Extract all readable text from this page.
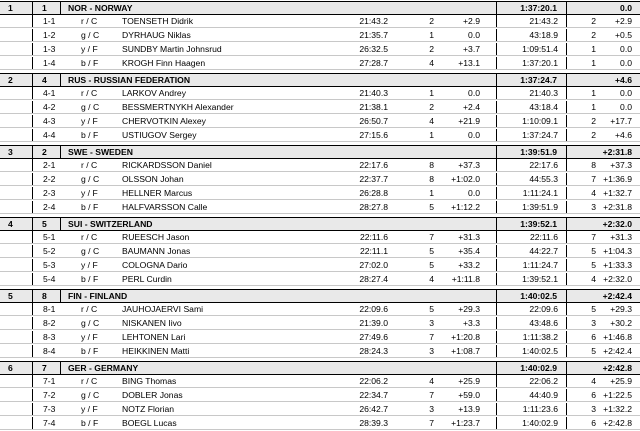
1	1 NOR - NORWAY	1:37:20.1	0.0
1-1	r / C	TOENSETH Didrik	21:43.2	2	+2.9	21:43.2	2 +2.9
1-2	g / C	DYRHAUG Niklas	21:35.7	1	0.0	43:18.9	2 +0.5
1-3	y / F	SUNDBY Martin Johnsrud	26:32.5	2	+3.7	1:09:51.4	1	0.0
1-4	b / F	KROGH Finn Haagen	27:28.7	4	+13.1	1:37:20.1	1	0.0
2	4 RUS - RUSSIAN FEDERATION	1:37:24.7	+4.6
4-1	r / C	LARKOV Andrey	21:40.3	1	0.0	21:40.3	1	0.0
4-2	g / C	BESSMERTNYKH Alexander	21:38.1	2	+2.4	43:18.4	1	0.0
4-3	y / F	CHERVOTKIN Alexey	26:50.7	4	+21.9	1:10:09.1	2 +17.7
4-4	b / F	USTIUGOV Sergey	27:15.6	1	0.0	1:37:24.7	2 +4.6
3	2 SWE - SWEDEN	1:39:51.9	+2:31.8
2-1	r / C	RICKARDSSON Daniel	22:17.6	8	+37.3	22:17.6	8 +37.3
2-2	g / C	OLSSON Johan	22:37.7	8 +1:02.0	44:55.3	7 +1:36.9
2-3	y / F	HELLNER Marcus	26:28.8	1	0.0	1:11:24.1	4 +1:32.7
2-4	b / F	HALFVARSSON Calle	28:27.8	5 +1:12.2	1:39:51.9	3 +2:31.8
4	5 SUI - SWITZERLAND	1:39:52.1	+2:32.0
5-1	r / C	RUEESCH Jason	22:11.6	7	+31.3	22:11.6	7 +31.3
5-2	g / C	BAUMANN Jonas	22:11.1	5	+35.4	44:22.7	5 +1:04.3
5-3	y / F	COLOGNA Dario	27:02.0	5	+33.2	1:11:24.7	5 +1:33.3
5-4	b / F	PERL Curdin	28:27.4	4 +1:11.8	1:39:52.1	4 +2:32.0
5	8 FIN - FINLAND	1:40:02.5	+2:42.4
8-1	r / C	JAUHOJAERVI Sami	22:09.6	5	+29.3	22:09.6	5 +29.3
8-2	g / C	NISKANEN Iivo	21:39.0	3	+3.3	43:48.6	3 +30.2
8-3	y / F	LEHTONEN Lari	27:49.6	7 +1:20.8	1:11:38.2	6 +1:46.8
8-4	b / F	HEIKKINEN Matti	28:24.3	3 +1:08.7	1:40:02.5	5 +2:42.4
6	7 GER - GERMANY	1:40:02.9	+2:42.8
7-1	r / C	BING Thomas	22:06.2	4	+25.9	22:06.2	4 +25.9
7-2	g / C	DOBLER Jonas	22:34.7	7	+59.0	44:40.9	6 +1:22.5
7-3	y / F	NOTZ Florian	26:42.7	3	+13.9	1:11:23.6	3 +1:32.2
7-4	b / F	BOEGL Lucas	28:39.3	7 +1:23.7	1:40:02.9	6 +2:42.8
